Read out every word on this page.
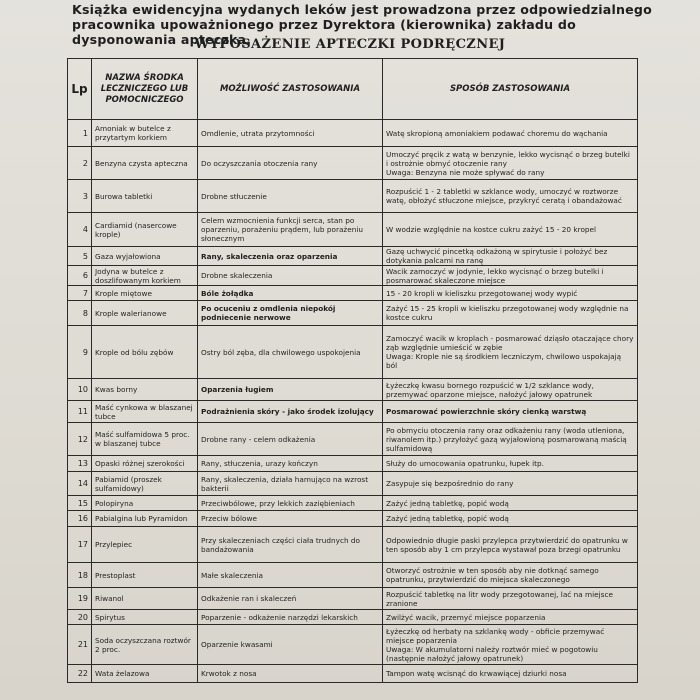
Książka ewidencyjna wydanych leków jest prowadzona przez odpowiedzialnego pracownika upoważnionego przez Dyrektora (kierownika) zakładu do dysponowania apteczką.
WYPOSAŻENIE APTECZKI PODRĘCZNEJ
Lp	NAZWA ŚRODKA LECZNICZEGO LUB POMOCNICZEGO	MOŻLIWOŚĆ ZASTOSOWANIA	SPOSÓB ZASTOSOWANIA
1	Amoniak w butelce z przytartym korkiem	Omdlenie, utrata przytomności	Watę skropioną amoniakiem podawać choremu do wąchania
2	Benzyna czysta apteczna	Do oczyszczania otoczenia rany	Umoczyć pręcik z watą w benzynie, lekko wycisnąć o brzeg butelki i ostrożnie obmyć otoczenie rany
Uwaga: Benzyna nie może spływać do rany
3	Burowa tabletki	Drobne stłuczenie	Rozpuścić 1 - 2 tabletki w szklance wody, umoczyć w roztworze watę, obłożyć stłuczone miejsce, przykryć ceratą i obandażować
4	Cardiamid (nasercowe krople)	Celem wzmocnienia funkcji serca, stan po oparzeniu, porażeniu prądem, lub porażeniu słonecznym	W wodzie względnie na kostce cukru zażyć 15 - 20 kropel
5	Gaza wyjałowiona	Rany, skaleczenia oraz oparzenia	Gazę uchwycić pincetką odkażoną w spirytusie i położyć bez dotykania palcami na ranę
6	Jodyna w butelce z doszlifowanym korkiem	Drobne skaleczenia	Wacik zamoczyć w jodynie, lekko wycisnąć o brzeg butelki i posmarować skaleczone miejsce
7	Krople miętowe	Bóle żołądka	15 - 20 kropli w kieliszku przegotowanej wody wypić
8	Krople walerianowe	Po ocuceniu z omdlenia niepokój podniecenie nerwowe	Zażyć 15 - 25 kropli w kieliszku przegotowanej wody względnie na kostce cukru
9	Krople od bólu zębów	Ostry ból zęba, dla chwilowego uspokojenia	Zamoczyć wacik w kroplach - posmarować dziąsło otaczające chory ząb względnie umieścić w zębie
Uwaga: Krople nie są środkiem leczniczym, chwilowo uspokajają ból
10	Kwas borny	Oparzenia ługiem	Łyżeczkę kwasu bornego rozpuścić w 1/2 szklance wody, przemywać oparzone miejsce, nałożyć jałowy opatrunek
11	Maść cynkowa w blaszanej tubce	Podrażnienia skóry - jako środek izolujący	Posmarować powierzchnie skóry cienką warstwą
12	Maść sulfamidowa 5 proc. w blaszanej tubce	Drobne rany - celem odkażenia	Po obmyciu otoczenia rany oraz odkażeniu rany (woda utleniona, riwanolem itp.) przyłożyć gazą wyjałowioną posmarowaną maścią sulfamidową
13	Opaski różnej szerokości	Rany, stłuczenia, urazy kończyn	Służy do umocowania opatrunku, łupek itp.
14	Pabiamid (proszek sulfamidowy)	Rany, skaleczenia, działa hamująco na wzrost bakterii	Zasypuje się bezpośrednio do rany
15	Polopiryna	Przeciwbólowe, przy lekkich zaziębieniach	Zażyć jedną tabletkę, popić wodą
16	Pabialgina lub Pyramidon	Przeciw bólowe	Zażyć jedną tabletkę, popić wodą
17	Przylepiec	Przy skaleczeniach części ciała trudnych do bandażowania	Odpowiednio długie paski przylepca przytwierdzić do opatrunku w ten sposób aby 1 cm przylepca wystawał poza brzegi opatrunku
18	Prestoplast	Małe skaleczenia	Otworzyć ostrożnie w ten sposób aby nie dotknąć samego opatrunku, przytwierdzić do miejsca skaleczonego
19	Riwanol	Odkażenie ran i skaleczeń	Rozpuścić tabletkę na litr wody przegotowanej, lać na miejsce zranione
20	Spirytus	Poparzenie - odkażenie narzędzi lekarskich	Zwilżyć wacik, przemyć miejsce poparzenia
21	Soda oczyszczana roztwór 2 proc.	Oparzenie kwasami	Łyżeczkę od herbaty na szklankę wody - obficie przemywać miejsce poparzenia
Uwaga: W akumulatorni należy roztwór mieć w pogotowiu (następnie nałożyć jałowy opatrunek)
22	Wata żelazowa	Krwotok z nosa	Tampon watę wcisnąć do krwawiącej dziurki nosa
